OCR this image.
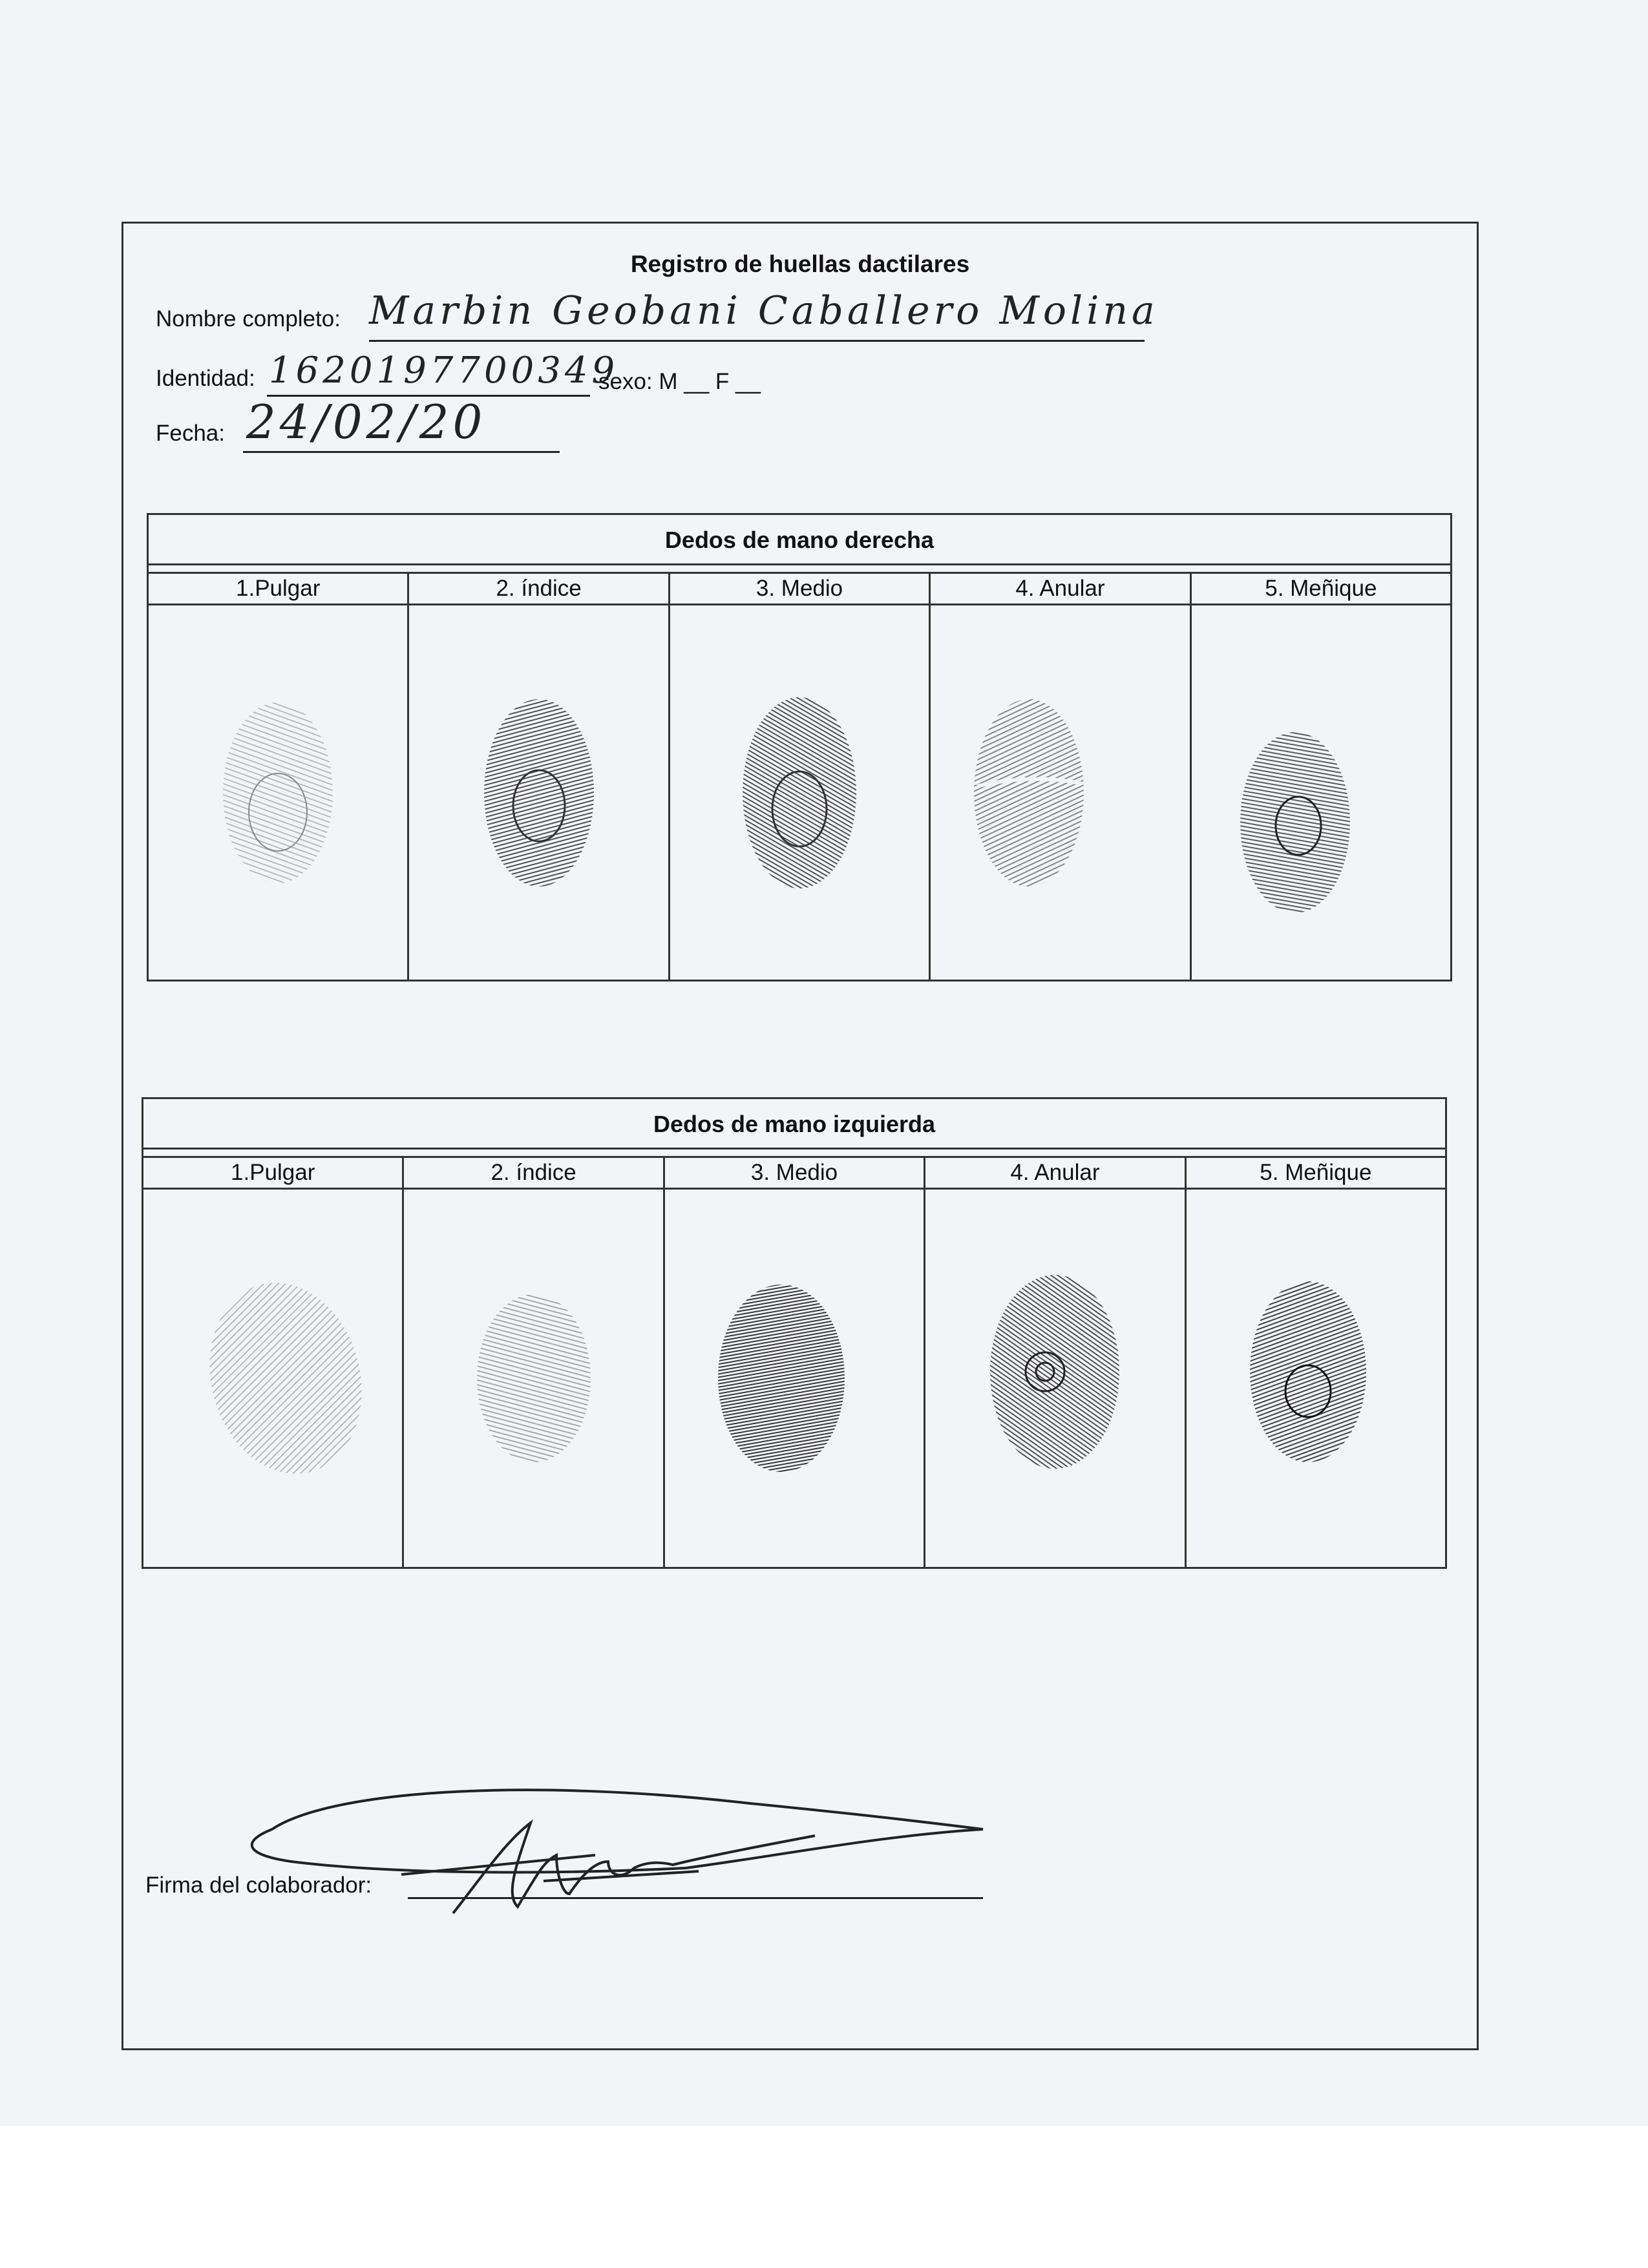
Registro de huellas dactilares
Nombre completo: Marbin Geobani Caballero Molina
Identidad: 1620197700349
sexo: M __ F __
Fecha: 24/02/20
Dedos de mano derecha
1.Pulgar	2. índice	3. Medio	4. Anular	5. Meñique
Dedos de mano izquierda
1.Pulgar	2. índice	3. Medio	4. Anular	5. Meñique
Firma del colaborador:
